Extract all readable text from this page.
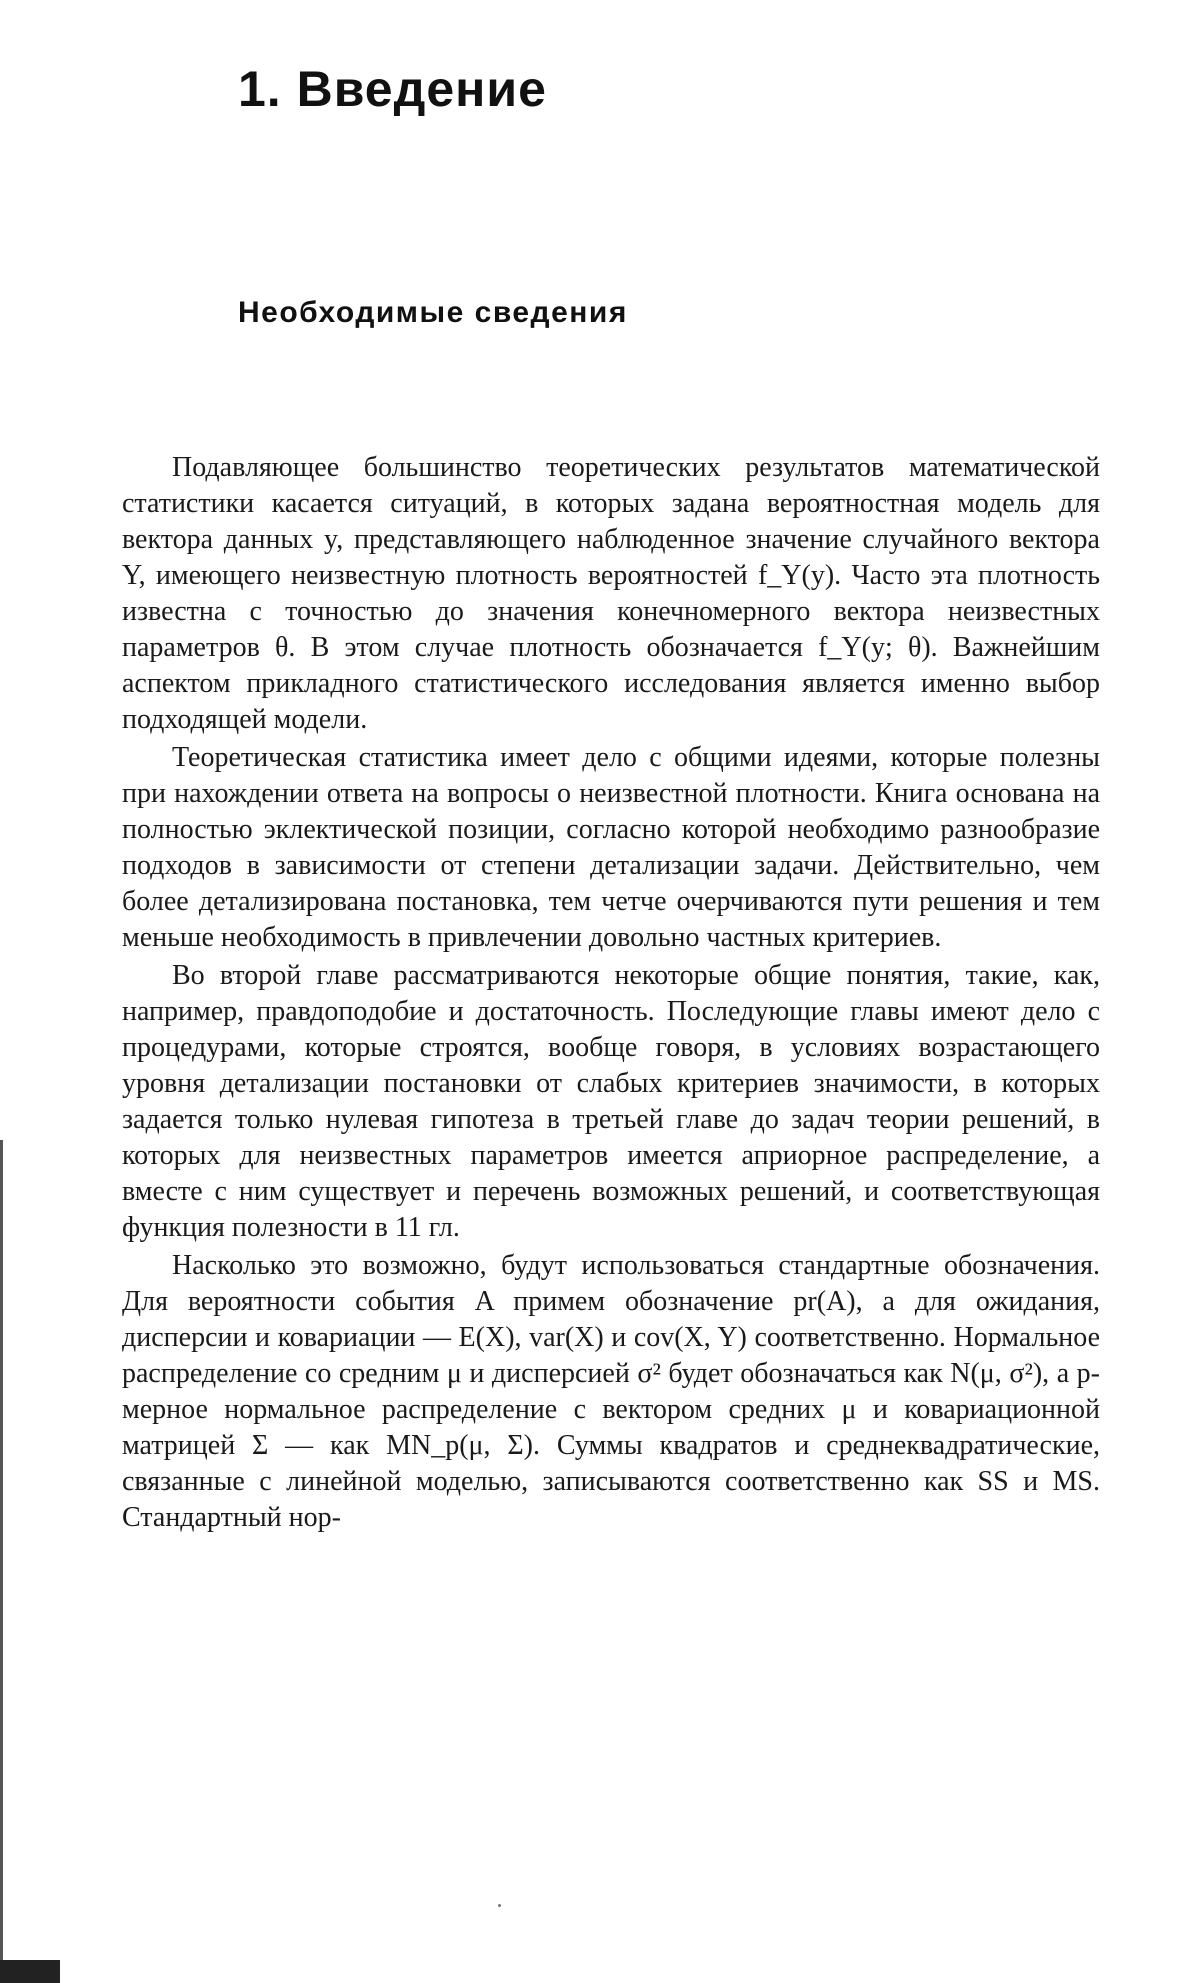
1. Введение
Необходимые сведения

Подавляющее большинство теоретических результатов математической статистики касается ситуаций, в которых задана вероятностная модель для вектора данных y, представляющего наблюденное значение случайного вектора Y, имеющего неизвестную плотность вероятностей f_Y(y). Часто эта плотность известна с точностью до значения конечномерного вектора неизвестных параметров θ. В этом случае плотность обозначается f_Y(y; θ). Важнейшим аспектом прикладного статистического исследования является именно выбор подходящей модели.

Теоретическая статистика имеет дело с общими идеями, которые полезны при нахождении ответа на вопросы о неизвестной плотности. Книга основана на полностью эклектической позиции, согласно которой необходимо разнообразие подходов в зависимости от степени детализации задачи. Действительно, чем более детализирована постановка, тем четче очерчиваются пути решения и тем меньше необходимость в привлечении довольно частных критериев.

Во второй главе рассматриваются некоторые общие понятия, такие, как, например, правдоподобие и достаточность. Последующие главы имеют дело с процедурами, которые строятся, вообще говоря, в условиях возрастающего уровня детализации постановки от слабых критериев значимости, в которых задается только нулевая гипотеза в третьей главе до задач теории решений, в которых для неизвестных параметров имеется априорное распределение, а вместе с ним существует и перечень возможных решений, и соответствующая функция полезности в 11 гл.

Насколько это возможно, будут использоваться стандартные обозначения. Для вероятности события A примем обозначение pr(A), а для ожидания, дисперсии и ковариации — E(X), var(X) и cov(X, Y) соответственно. Нормальное распределение со средним μ и дисперсией σ² будет обозначаться как N(μ, σ²), а p-мерное нормальное распределение с вектором средних μ и ковариационной матрицей Σ — как MN_p(μ, Σ). Суммы квадратов и среднеквадратические, связанные с линейной моделью, записываются соответственно как SS и MS. Стандартный нор-
